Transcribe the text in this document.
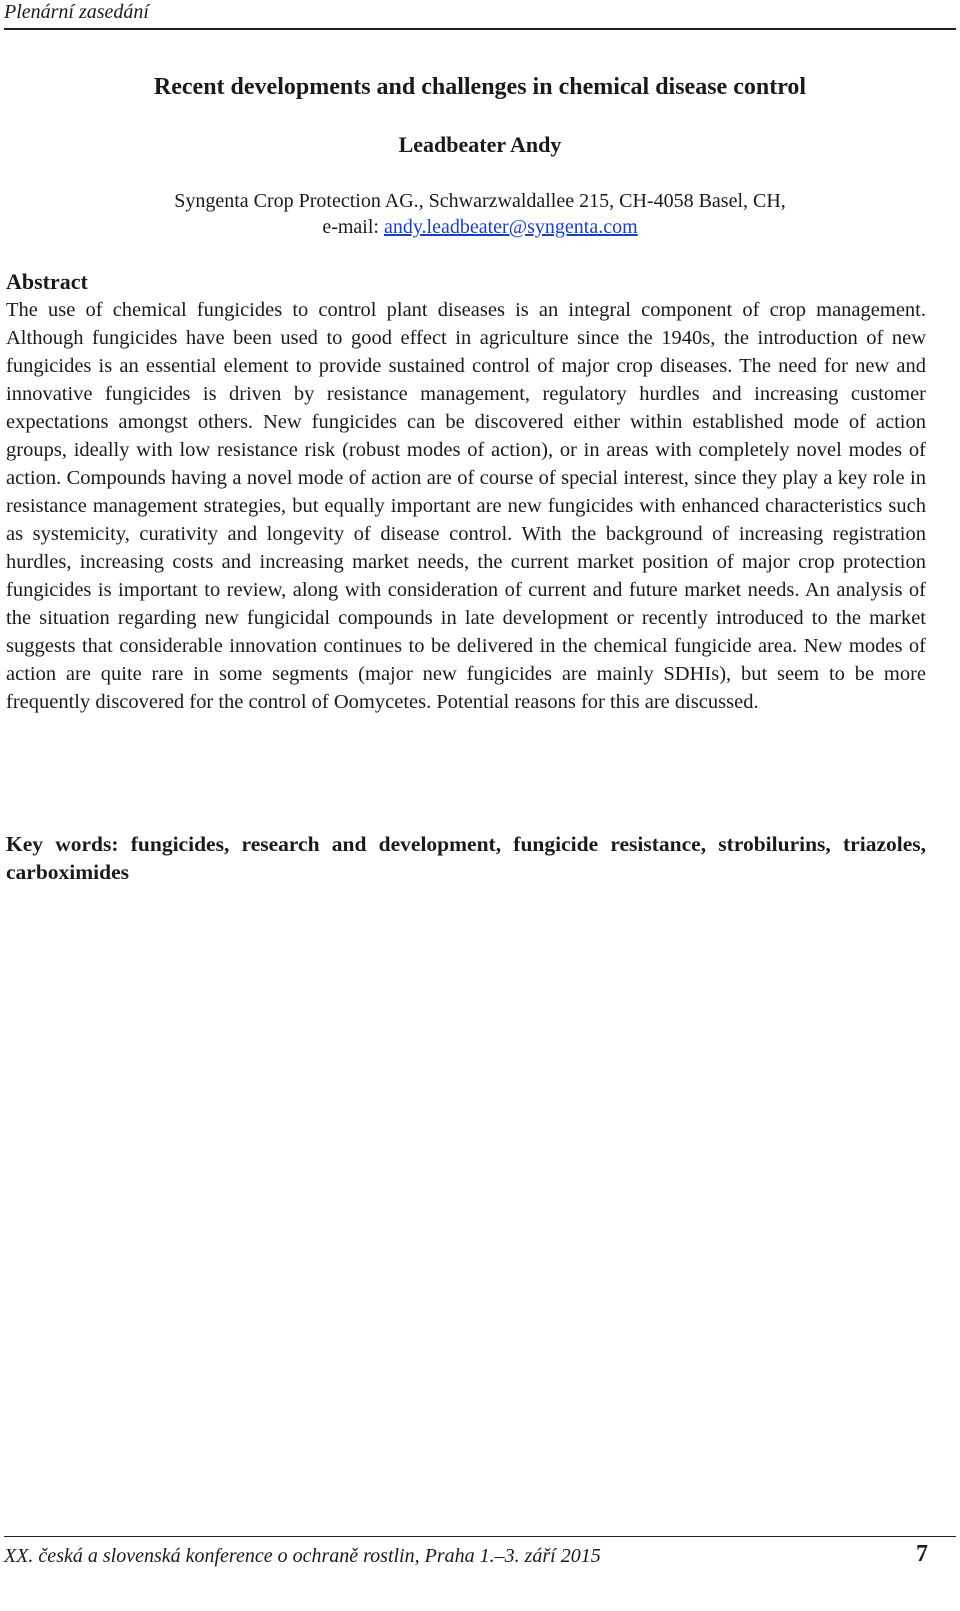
Plenární zasedání
Recent developments and challenges in chemical disease control
Leadbeater Andy
Syngenta Crop Protection AG., Schwarzwaldallee 215, CH-4058 Basel, CH,
e-mail: andy.leadbeater@syngenta.com
Abstract

The use of chemical fungicides to control plant diseases is an integral component of crop management. Although fungicides have been used to good effect in agriculture since the 1940s, the introduction of new fungicides is an essential element to provide sustained control of major crop diseases. The need for new and innovative fungicides is driven by resistance management, regulatory hurdles and increasing customer expectations amongst others. New fungicides can be discovered either within established mode of action groups, ideally with low resistance risk (robust modes of action), or in areas with completely novel modes of action. Compounds having a novel mode of action are of course of special interest, since they play a key role in resistance management strategies, but equally important are new fungicides with enhanced characteristics such as systemicity, curativity and longevity of disease control. With the background of increasing registration hurdles, increasing costs and increasing market needs, the current market position of major crop protection fungicides is important to review, along with consideration of current and future market needs. An analysis of the situation regarding new fungicidal compounds in late development or recently introduced to the market suggests that considerable innovation continues to be delivered in the chemical fungicide area. New modes of action are quite rare in some segments (major new fungicides are mainly SDHIs), but seem to be more frequently discovered for the control of Oomycetes. Potential reasons for this are discussed.

Key words: fungicides, research and development, fungicide resistance, strobilurins, triazoles, carboximides

XX. česká a slovenská konference o ochraně rostlin, Praha 1.–3. září 2015	7
